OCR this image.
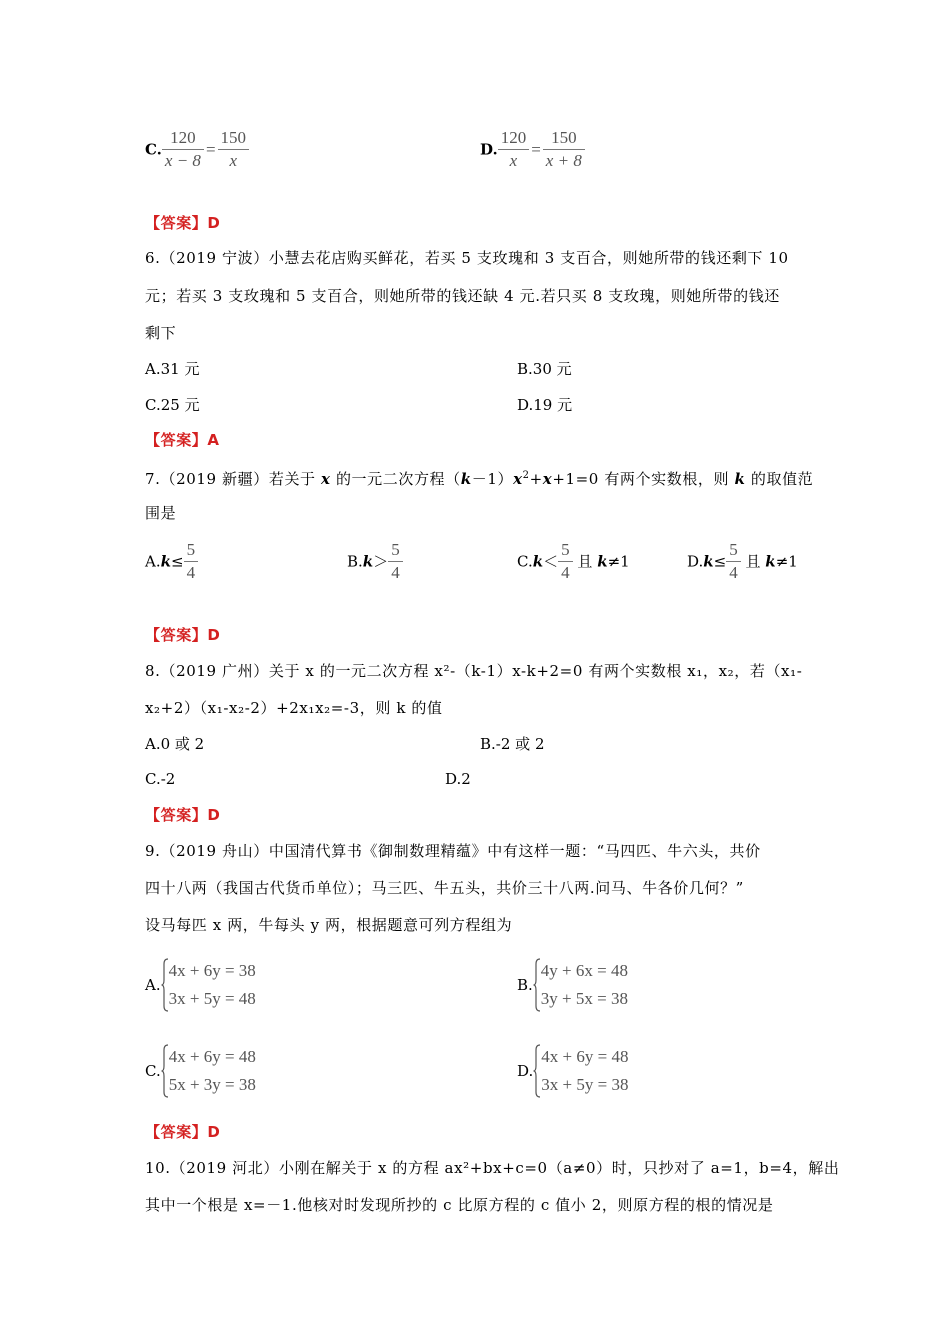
C. $\frac{120}{x - 8} = \frac{150}{x}$	D. $\frac{120}{x} = \frac{150}{x + 8}$
【答案】D
6.（2019 宁波）小慧去花店购买鲜花，若买 5 支玫瑰和 3 支百合，则她所带的钱还剩下 10
元；若买 3 支玫瑰和 5 支百合，则她所带的钱还缺 4 元.若只买 8 支玫瑰，则她所带的钱还
剩下
A.31 元	B.30 元
C.25 元	D.19 元
【答案】A
7.（2019 新疆）若关于 x 的一元二次方程$(k-1)x^2+x+1=0$ 有两个实数根，则 k 的取值范
围是
$A.k\le \frac{5}{4}$	$B.k> \frac{5}{4}$	$C.k< \frac{5}{4}$ 且 k≠1	$D.k\le \frac{5}{4}$ 且 k≠1
【答案】D
8.（2019 广州）关于 x 的一元二次方程 x²-（k-1）x-k+2=0 有两个实数根 x₁，x₂，若（x₁-
x₂+2）（x₁-x₂-2）+2x₁x₂=-3，则 k 的值
A.0 或 2	B.-2 或 2
C.-2	D.2
【答案】D
9.（2019 舟山）中国清代算书《御制数理精蕴》中有这样一题：“马四匹、牛六头，共价
四十八两（我国古代货币单位）；马三匹、牛五头，共价三十八两.问马、牛各价几何？”
设马每匹 x 两，牛每头 y 两，根据题意可列方程组为
A.
4x + 6y = 38
3x + 5y = 48
B.
4y + 6x = 48
3y + 5x = 38
C.
4x + 6y = 48
5x + 3y = 38
D.
4x + 6y = 48
3x + 5y = 38
【答案】D
10.（2019 河北）小刚在解关于 x 的方程 ax²+bx+c=0（a≠0）时，只抄对了 a=1，b=4，解出
其中一个根是 x=－1.他核对时发现所抄的 c 比原方程的 c 值小 2，则原方程的根的情况是
